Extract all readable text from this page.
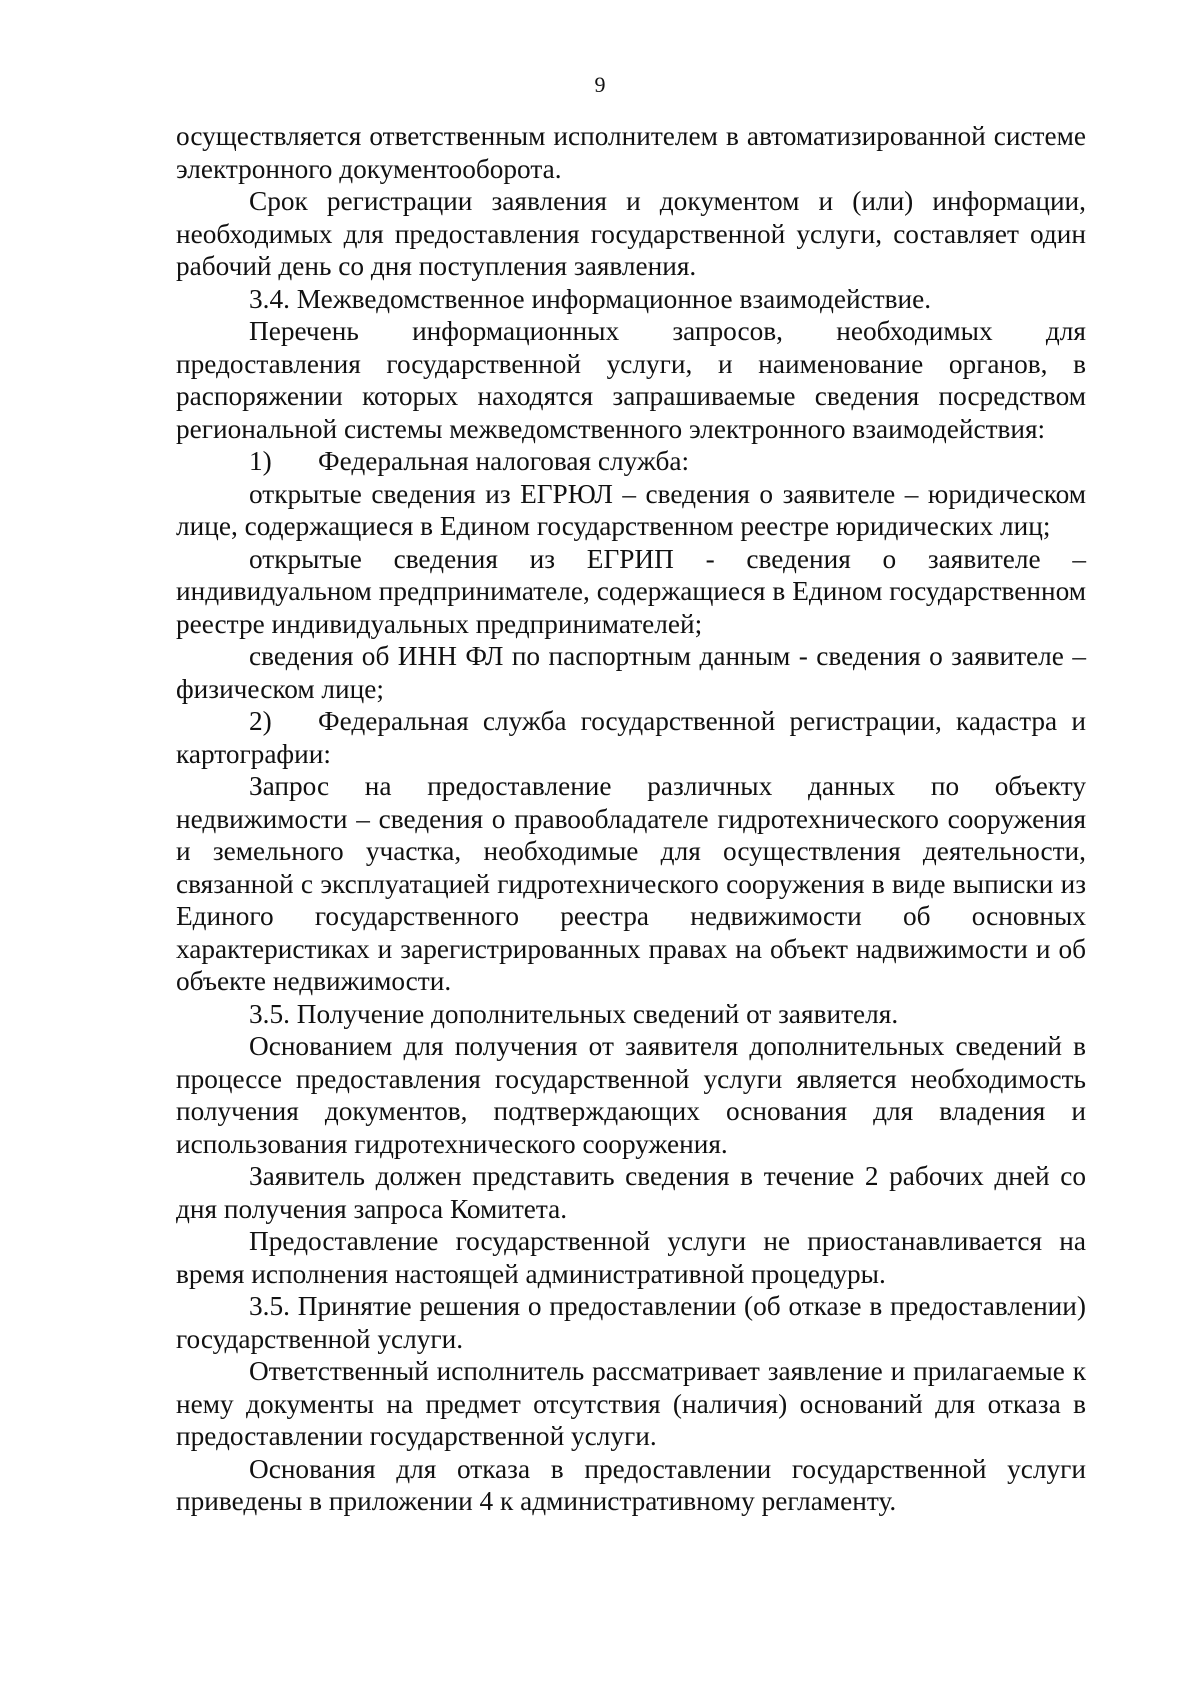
9

осуществляется ответственным исполнителем в автоматизированной системе электронного документооборота.

Срок регистрации заявления и документом и (или) информации, необходимых для предоставления государственной услуги, составляет один рабочий день со дня поступления заявления.

3.4. Межведомственное информационное взаимодействие.

Перечень информационных запросов, необходимых для предоставления государственной услуги, и наименование органов, в распоряжении которых находятся запрашиваемые сведения посредством региональной системы межведомственного электронного взаимодействия:

1) Федеральная налоговая служба:

открытые сведения из ЕГРЮЛ – сведения о заявителе – юридическом лице, содержащиеся в Едином государственном реестре юридических лиц;

открытые сведения из ЕГРИП - сведения о заявителе – индивидуальном предпринимателе, содержащиеся в Едином государственном реестре индивидуальных предпринимателей;

сведения об ИНН ФЛ по паспортным данным - сведения о заявителе – физическом лице;

2) Федеральная служба государственной регистрации, кадастра и картографии:

Запрос на предоставление различных данных по объекту недвижимости – сведения о правообладателе гидротехнического сооружения и земельного участка, необходимые для осуществления деятельности, связанной с эксплуатацией гидротехнического сооружения в виде выписки из Единого государственного реестра недвижимости об основных характеристиках и зарегистрированных правах на объект надвижимости и об объекте недвижимости.

3.5. Получение дополнительных сведений от заявителя.

Основанием для получения от заявителя дополнительных сведений в процессе предоставления государственной услуги является необходимость получения документов, подтверждающих основания для владения и использования гидротехнического сооружения.

Заявитель должен представить сведения в течение 2 рабочих дней со дня получения запроса Комитета.

Предоставление государственной услуги не приостанавливается на время исполнения настоящей административной процедуры.

3.5. Принятие решения о предоставлении (об отказе в предоставлении) государственной услуги.

Ответственный исполнитель рассматривает заявление и прилагаемые к нему документы на предмет отсутствия (наличия) оснований для отказа в предоставлении государственной услуги.

Основания для отказа в предоставлении государственной услуги приведены в приложении 4 к административному регламенту.
